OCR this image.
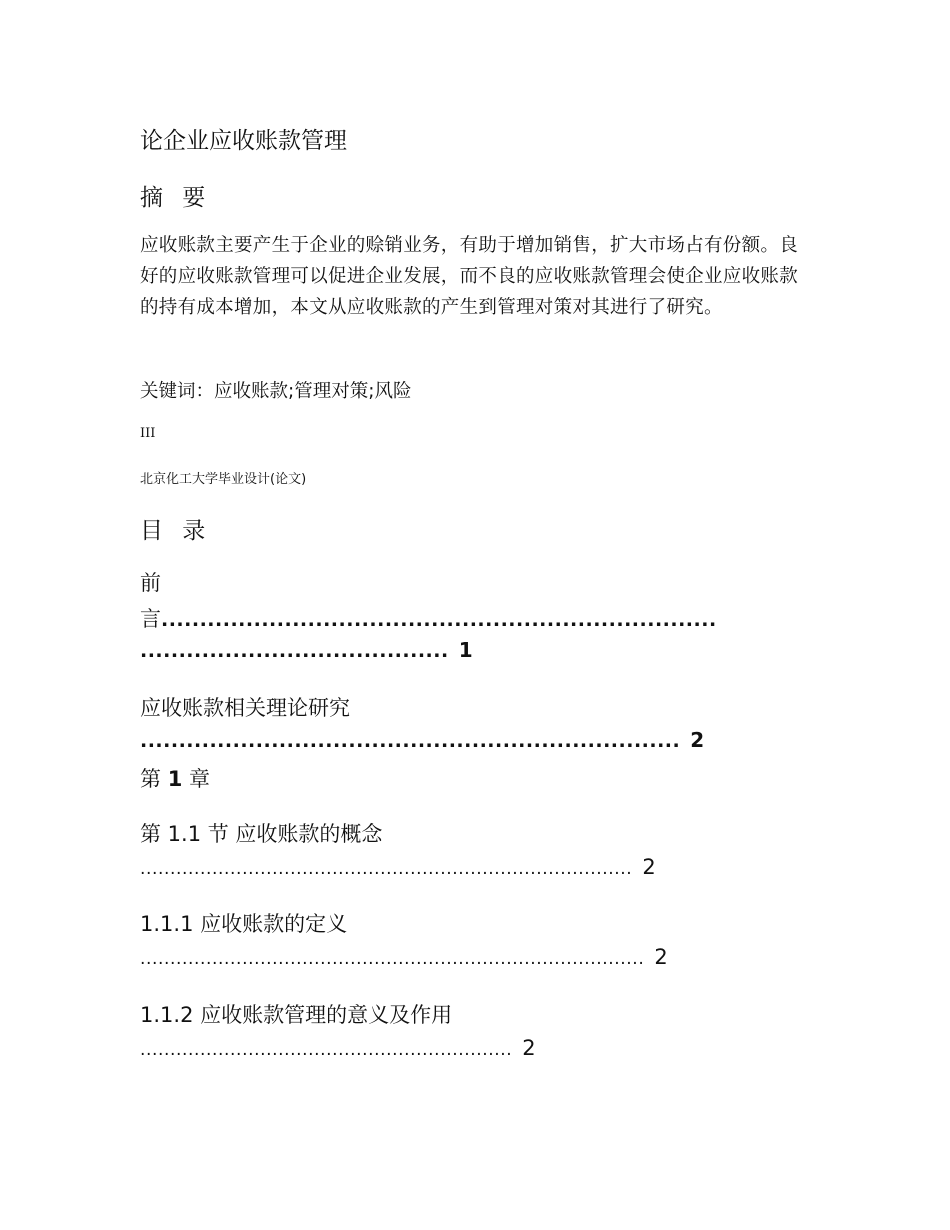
论企业应收账款管理
摘 要
应收账款主要产生于企业的赊销业务，有助于增加销售，扩大市场占有份额。良好的应收账款管理可以促进企业发展，而不良的应收账款管理会使企业应收账款的持有成本增加，本文从应收账款的产生到管理对策对其进行了研究。
关键词：应收账款;管理对策;风险
III
北京化工大学毕业设计(论文)
目 录
前
言........................................................................
........................................ 1
应收账款相关理论研究
...................................................................... 2
第 1 章
第 1.1 节 应收账款的概念
.................................................................................. 2
1.1.1 应收账款的定义
.................................................................................... 2
1.1.2 应收账款管理的意义及作用
.............................................................. 2
